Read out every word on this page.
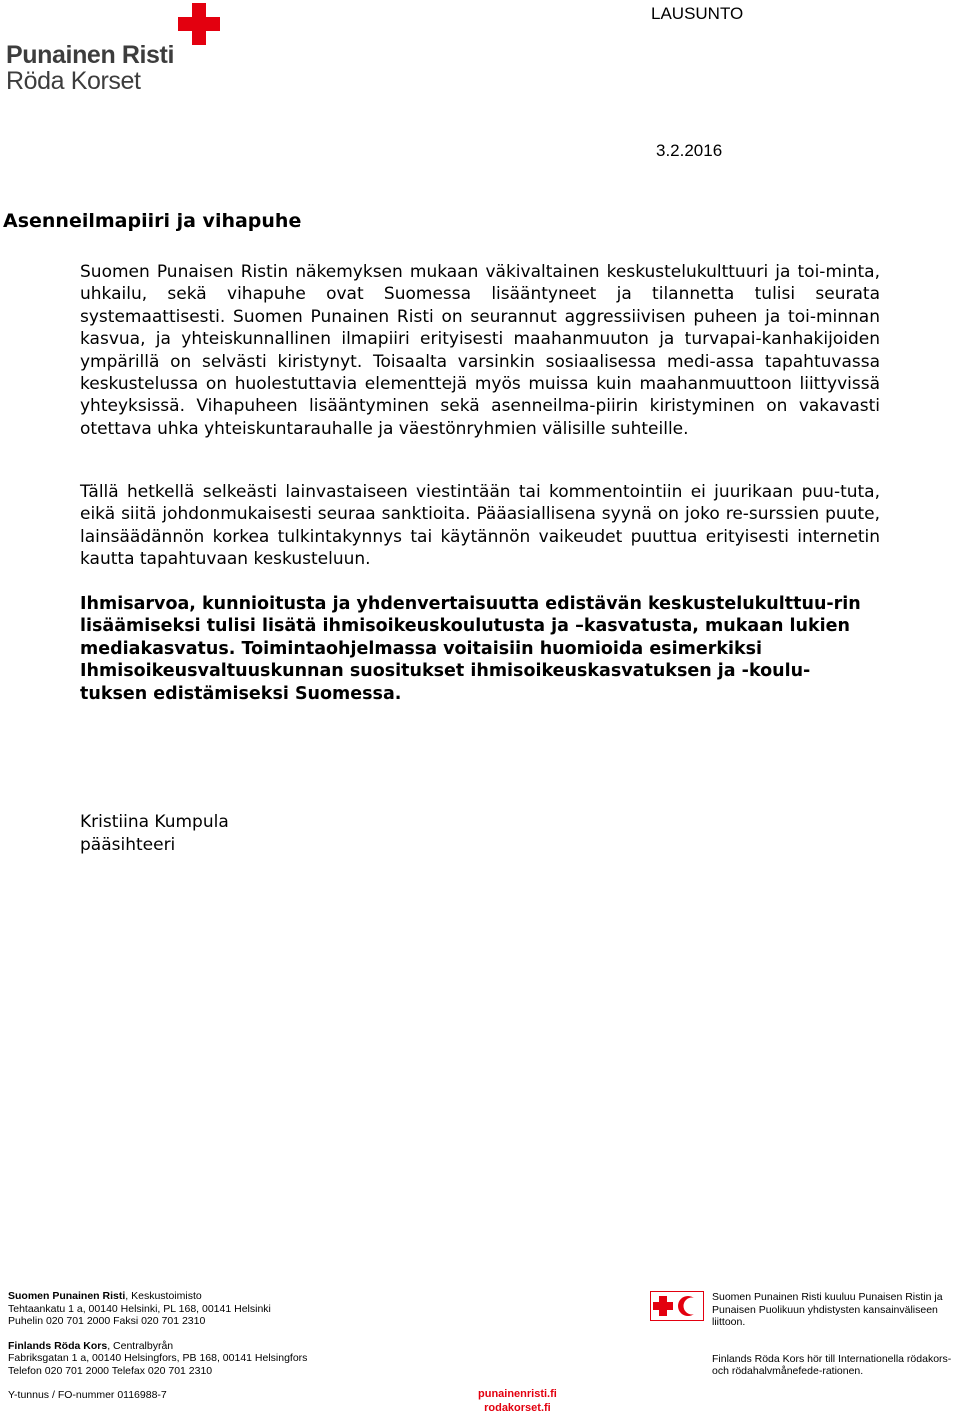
Punainen Risti
Röda Korset
LAUSUNTO
3.2.2016
Asenneilmapiiri ja vihapuhe

Suomen Punaisen Ristin näkemyksen mukaan väkivaltainen keskustelukulttuuri ja toi-minta, uhkailu, sekä vihapuhe ovat Suomessa lisääntyneet ja tilannetta tulisi seurata systemaattisesti. Suomen Punainen Risti on seurannut aggressiivisen puheen ja toi-minnan kasvua, ja yhteiskunnallinen ilmapiiri erityisesti maahanmuuton ja turvapai-kanhakijoiden ympärillä on selvästi kiristynyt. Toisaalta varsinkin sosiaalisessa medi-assa tapahtuvassa keskustelussa on huolestuttavia elementtejä myös muissa kuin maahanmuuttoon liittyvissä yhteyksissä. Vihapuheen lisääntyminen sekä asenneilma-piirin kiristyminen on vakavasti otettava uhka yhteiskuntarauhalle ja väestönryhmien välisille suhteille.

Tällä hetkellä selkeästi lainvastaiseen viestintään tai kommentointiin ei juurikaan puu-tuta, eikä siitä johdonmukaisesti seuraa sanktioita. Pääasiallisena syynä on joko re-surssien puute, lainsäädännön korkea tulkintakynnys tai käytännön vaikeudet puuttua erityisesti internetin kautta tapahtuvaan keskusteluun.

Ihmisarvoa, kunnioitusta ja yhdenvertaisuutta edistävän keskustelukulttuu-rin lisäämiseksi tulisi lisätä ihmisoikeuskoulutusta ja –kasvatusta, mukaan lukien mediakasvatus. Toimintaohjelmassa voitaisiin huomioida esimerkiksi Ihmisoikeusvaltuuskunnan suositukset ihmisoikeuskasvatuksen ja -koulu-tuksen edistämiseksi Suomessa.

Kristiina Kumpula
pääsihteeri
Suomen Punainen Risti, Keskustoimisto
Tehtaankatu 1 a, 00140 Helsinki, PL 168, 00141 Helsinki
Puhelin 020 701 2000 Faksi 020 701 2310
Finlands Röda Kors, Centralbyrån
Fabriksgatan 1 a, 00140 Helsingfors, PB 168, 00141 Helsingfors
Telefon 020 701 2000 Telefax 020 701 2310
Y-tunnus / FO-nummer 0116988-7	punainenristi.fi
rodakorset.fi

Suomen Punainen Risti kuuluu Punaisen Ristin ja Punaisen Puolikuun yhdistysten kansainväliseen liittoon.

Finlands Röda Kors hör till Internationella rödakors- och rödahalvmånefede-rationen.
